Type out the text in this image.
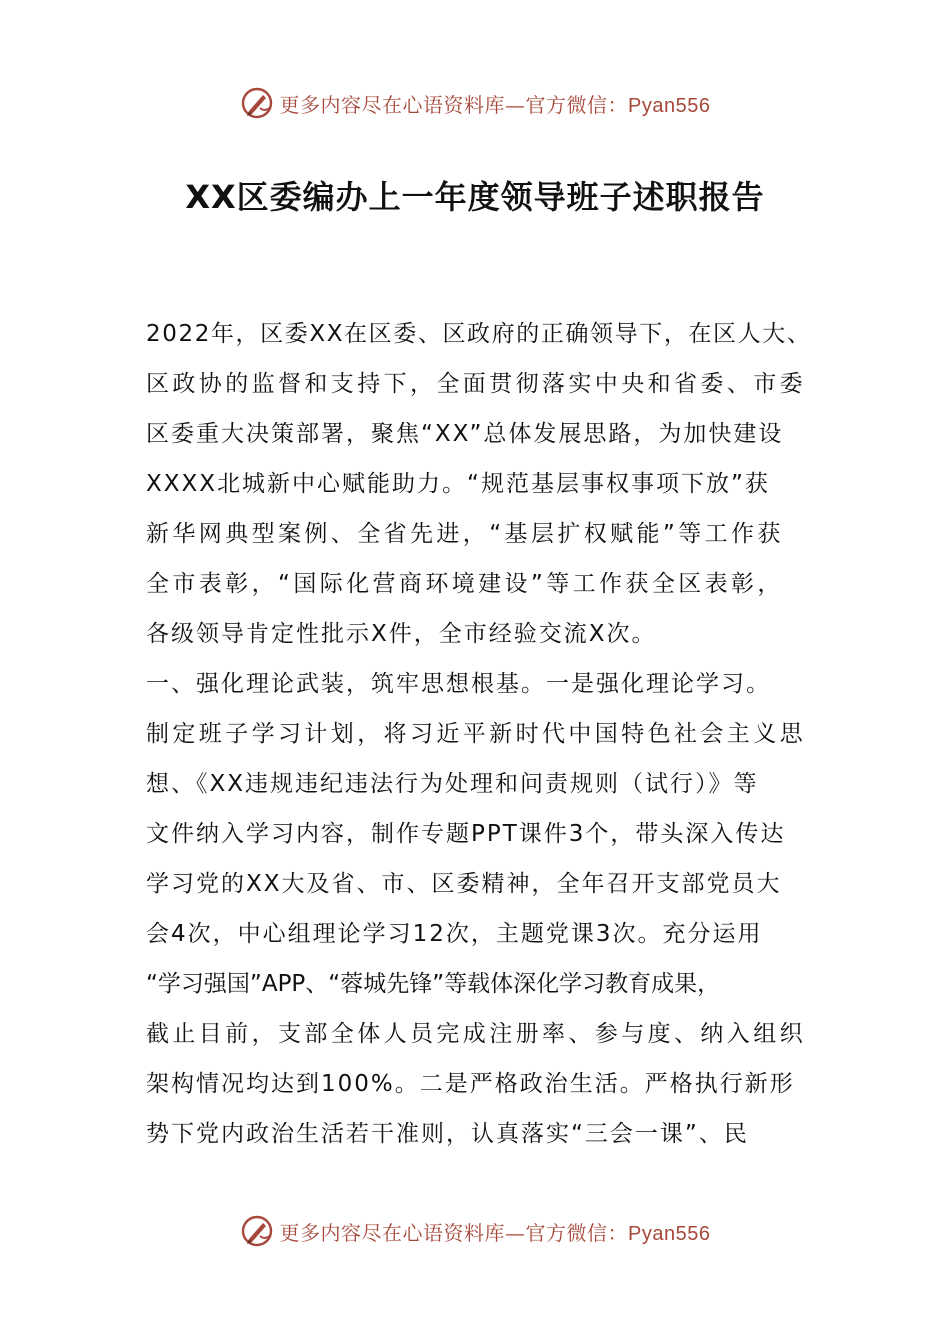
更多内容尽在心语资料库—官方微信：Pyan556
XX区委编办上一年度领导班子述职报告
2022年，区委XX在区委、区政府的正确领导下，在区人大、
区政协的监督和支持下，全面贯彻落实中央和省委、市委
区委重大决策部署，聚焦“XX”总体发展思路，为加快建设
XXXX北城新中心赋能助力。“规范基层事权事项下放”获
新华网典型案例、全省先进，“基层扩权赋能”等工作获
全市表彰，“国际化营商环境建设”等工作获全区表彰，
各级领导肯定性批示X件，全市经验交流X次。
一、强化理论武装，筑牢思想根基。一是强化理论学习。
制定班子学习计划，将习近平新时代中国特色社会主义思
想、《XX违规违纪违法行为处理和问责规则（试行）》等
文件纳入学习内容，制作专题PPT课件3个，带头深入传达
学习党的XX大及省、市、区委精神，全年召开支部党员大
会4次，中心组理论学习12次，主题党课3次。充分运用
“学习强国”APP、“蓉城先锋”等载体深化学习教育成果，
截止目前，支部全体人员完成注册率、参与度、纳入组织
架构情况均达到100%。二是严格政治生活。严格执行新形
势下党内政治生活若干准则，认真落实“三会一课”、民
更多内容尽在心语资料库—官方微信：Pyan556
